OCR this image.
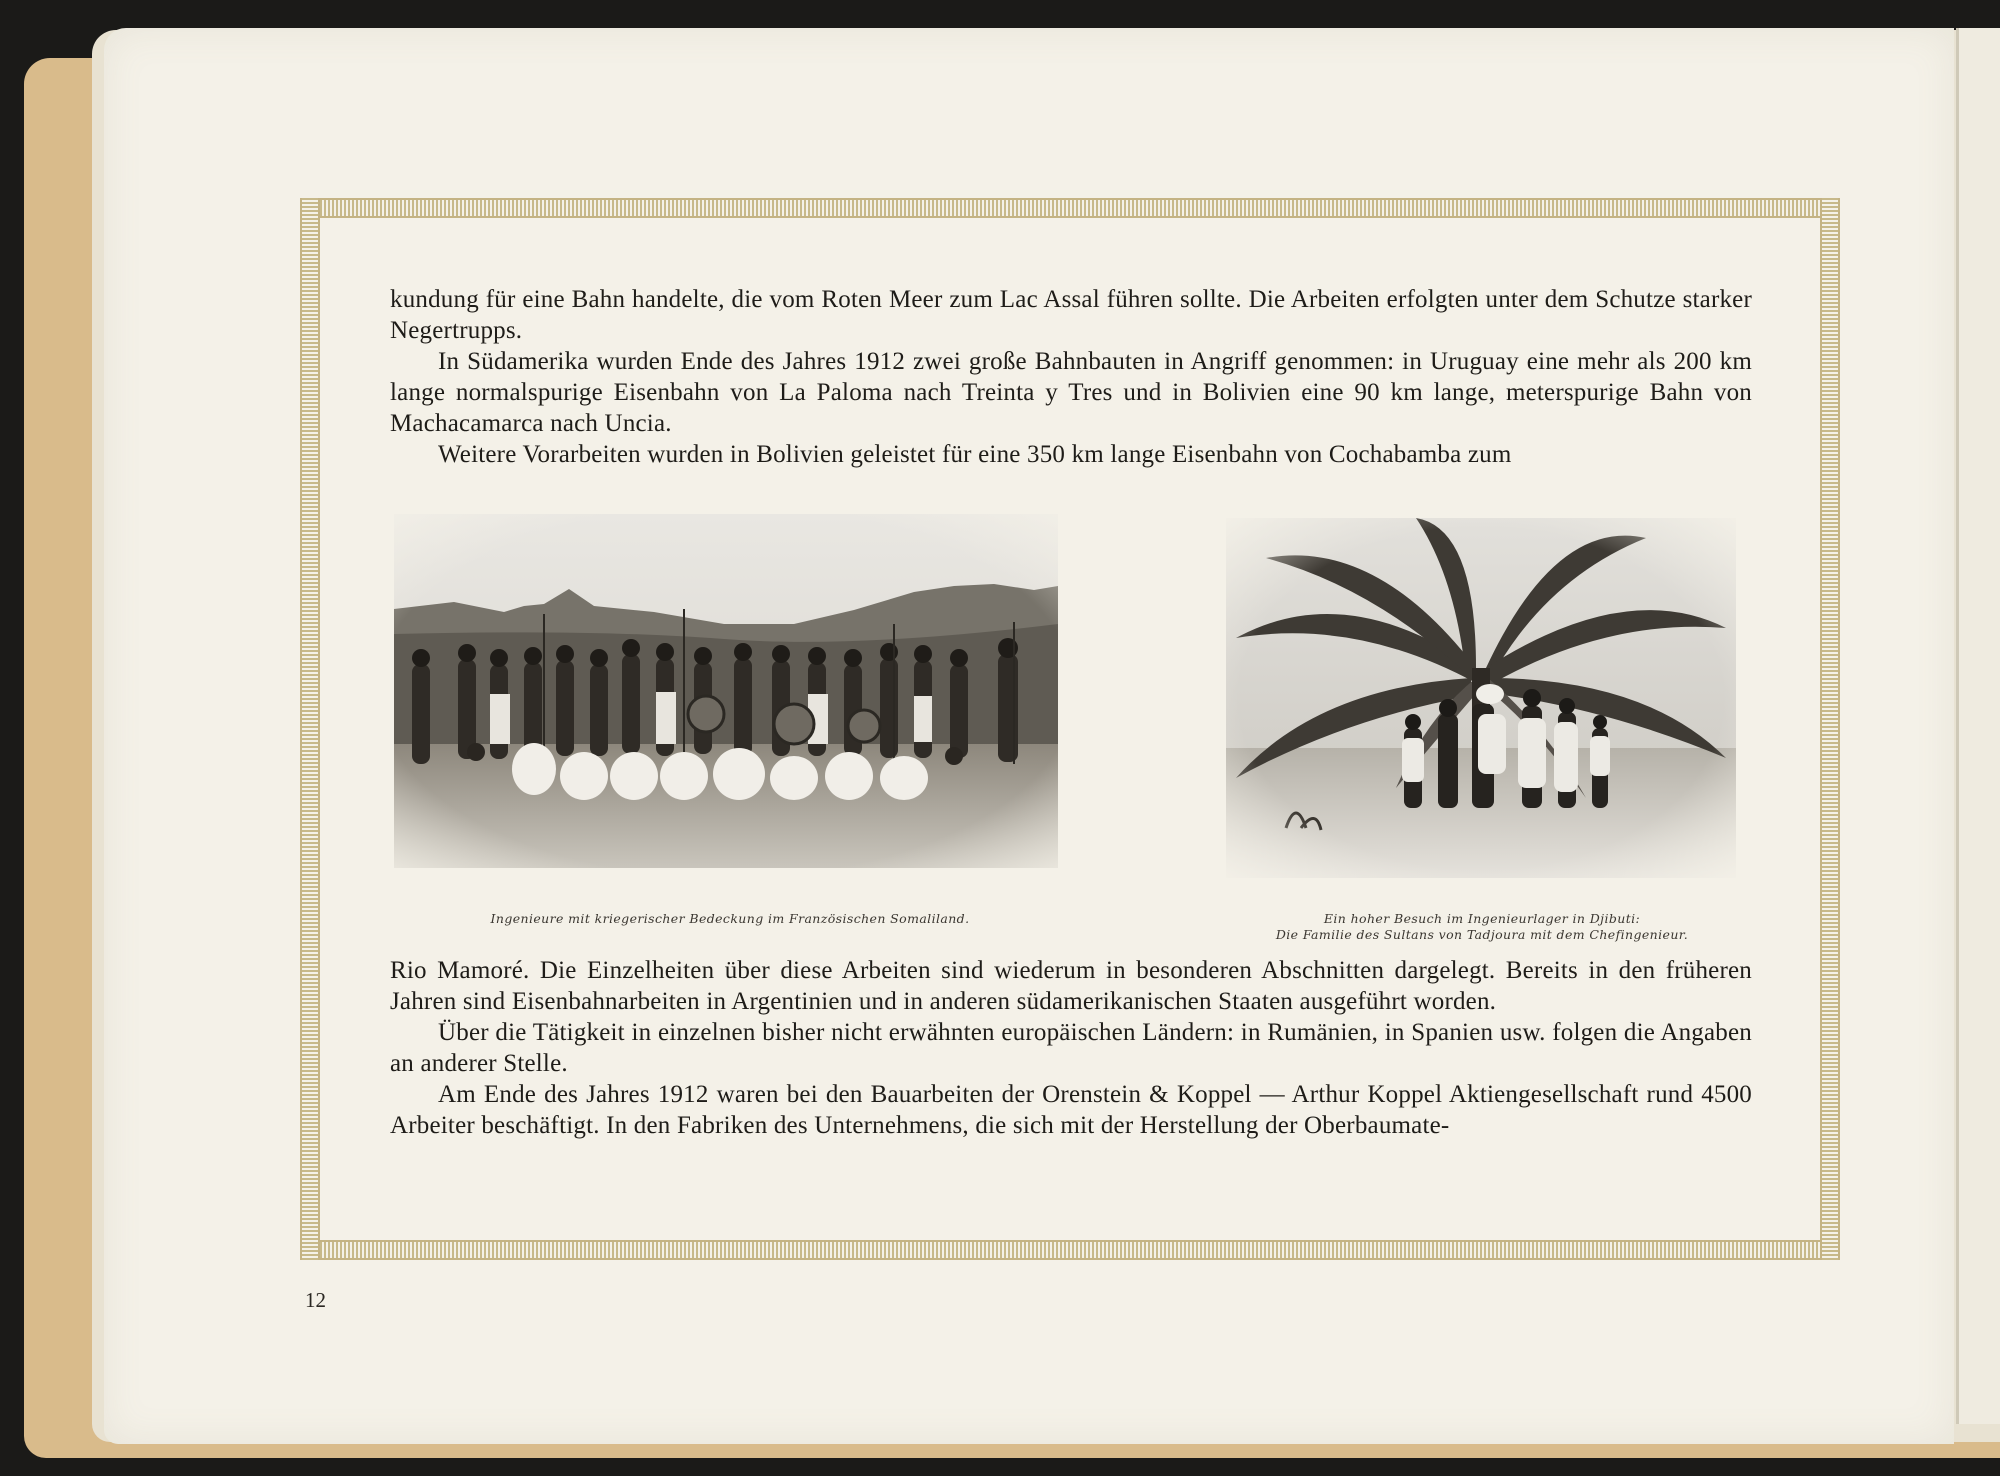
kundung für eine Bahn handelte, die vom Roten Meer zum Lac Assal führen sollte. Die Arbeiten erfolgten unter dem Schutze starker Negertrupps.

In Südamerika wurden Ende des Jahres 1912 zwei große Bahnbauten in Angriff genommen: in Uruguay eine mehr als 200 km lange normalspurige Eisenbahn von La Paloma nach Treinta y Tres und in Bolivien eine 90 km lange, meterspurige Bahn von Machacamarca nach Uncia.

Weitere Vorarbeiten wurden in Bolivien geleistet für eine 350 km lange Eisenbahn von Cochabamba zum

Ingenieure mit kriegerischer Bedeckung im Französischen Somaliland.	Ein hoher Besuch im Ingenieurlager in Djibuti:
Die Familie des Sultans von Tadjoura mit dem Chefingenieur.

Rio Mamoré. Die Einzelheiten über diese Arbeiten sind wiederum in besonderen Abschnitten dargelegt. Bereits in den früheren Jahren sind Eisenbahnarbeiten in Argentinien und in anderen südamerikanischen Staaten ausgeführt worden.

Über die Tätigkeit in einzelnen bisher nicht erwähnten europäischen Ländern: in Rumänien, in Spanien usw. folgen die Angaben an anderer Stelle.

Am Ende des Jahres 1912 waren bei den Bauarbeiten der Orenstein & Koppel — Arthur Koppel Aktiengesellschaft rund 4500 Arbeiter beschäftigt. In den Fabriken des Unternehmens, die sich mit der Herstellung der Oberbaumate-

12
